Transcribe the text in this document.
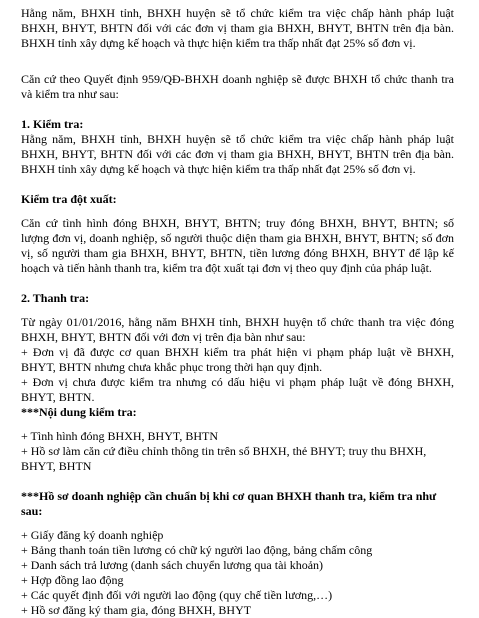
Hằng năm, BHXH tỉnh, BHXH huyện sẽ tổ chức kiểm tra việc chấp hành pháp luật BHXH, BHYT, BHTN đối với các đơn vị tham gia BHXH, BHYT, BHTN trên địa bàn. BHXH tỉnh xây dựng kế hoạch và thực hiện kiểm tra thấp nhất đạt 25% số đơn vị.

Căn cứ theo Quyết định 959/QĐ-BHXH doanh nghiệp sẽ được BHXH tổ chức thanh tra và kiểm tra như sau:

1. Kiểm tra:

Hằng năm, BHXH tỉnh, BHXH huyện sẽ tổ chức kiểm tra việc chấp hành pháp luật BHXH, BHYT, BHTN đối với các đơn vị tham gia BHXH, BHYT, BHTN trên địa bàn. BHXH tỉnh xây dựng kế hoạch và thực hiện kiểm tra thấp nhất đạt 25% số đơn vị.

Kiểm tra đột xuất:

Căn cứ tình hình đóng BHXH, BHYT, BHTN; truy đóng BHXH, BHYT, BHTN; số lượng đơn vị, doanh nghiệp, số người thuộc diện tham gia BHXH, BHYT, BHTN; số đơn vị, số người tham gia BHXH, BHYT, BHTN, tiền lương đóng BHXH, BHYT để lập kế hoạch và tiến hành thanh tra, kiểm tra đột xuất tại đơn vị theo quy định của pháp luật.

2. Thanh tra:

Từ ngày 01/01/2016, hằng năm BHXH tỉnh, BHXH huyện tổ chức thanh tra việc đóng BHXH, BHYT, BHTN đối với đơn vị trên địa bàn như sau:

+ Đơn vị đã được cơ quan BHXH kiểm tra phát hiện vi phạm pháp luật về BHXH, BHYT, BHTN nhưng chưa khắc phục trong thời hạn quy định.

+ Đơn vị chưa được kiểm tra nhưng có dấu hiệu vi phạm pháp luật về đóng BHXH, BHYT, BHTN.

***Nội dung kiểm tra:

+ Tình hình đóng BHXH, BHYT, BHTN

+ Hồ sơ làm căn cứ điều chỉnh thông tin trên sổ BHXH, thẻ BHYT; truy thu BHXH, BHYT, BHTN

***Hồ sơ doanh nghiệp cần chuẩn bị khi cơ quan BHXH thanh tra, kiểm tra như sau:

+ Giấy đăng ký doanh nghiệp

+ Bảng thanh toán tiền lương có chữ ký người lao động, bảng chấm công

+ Danh sách trả lương (danh sách chuyển lương qua tài khoản)

+ Hợp đồng lao động

+ Các quyết định đối với người lao động (quy chế tiền lương,…)

+ Hồ sơ đăng ký tham gia, đóng BHXH, BHYT
